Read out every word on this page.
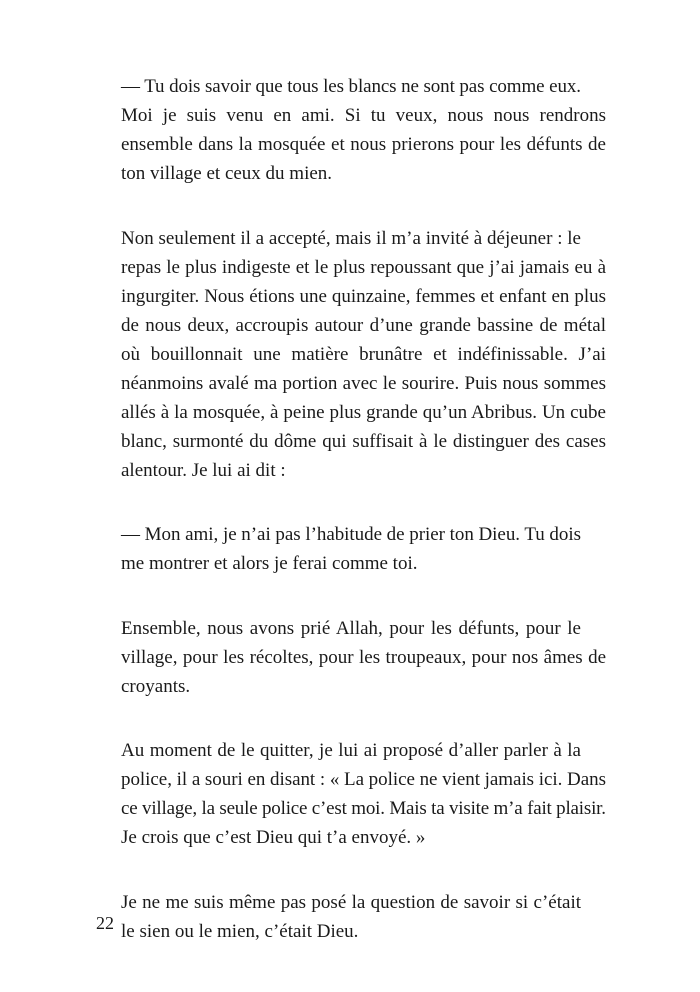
— Tu dois savoir que tous les blancs ne sont pas comme eux.
Moi je suis venu en ami. Si tu veux, nous nous rendrons
ensemble dans la mosquée et nous prierons pour les défunts de
ton village et ceux du mien.

Non seulement il a accepté, mais il m’a invité à déjeuner : le
repas le plus indigeste et le plus repoussant que j’ai jamais eu à
ingurgiter. Nous étions une quinzaine, femmes et enfant en plus
de nous deux, accroupis autour d’une grande bassine de métal
où bouillonnait une matière brunâtre et indéfinissable. J’ai
néanmoins avalé ma portion avec le sourire. Puis nous sommes
allés à la mosquée, à peine plus grande qu’un Abribus. Un cube
blanc, surmonté du dôme qui suffisait à le distinguer des cases
alentour. Je lui ai dit :

— Mon ami, je n’ai pas l’habitude de prier ton Dieu. Tu dois
me montrer et alors je ferai comme toi.

Ensemble, nous avons prié Allah, pour les défunts, pour le
village, pour les récoltes, pour les troupeaux, pour nos âmes de
croyants.

Au moment de le quitter, je lui ai proposé d’aller parler à la
police, il a souri en disant : « La police ne vient jamais ici. Dans
ce village, la seule police c’est moi. Mais ta visite m’a fait plaisir.
Je crois que c’est Dieu qui t’a envoyé. »

Je ne me suis même pas posé la question de savoir si c’était
le sien ou le mien, c’était Dieu.

22
